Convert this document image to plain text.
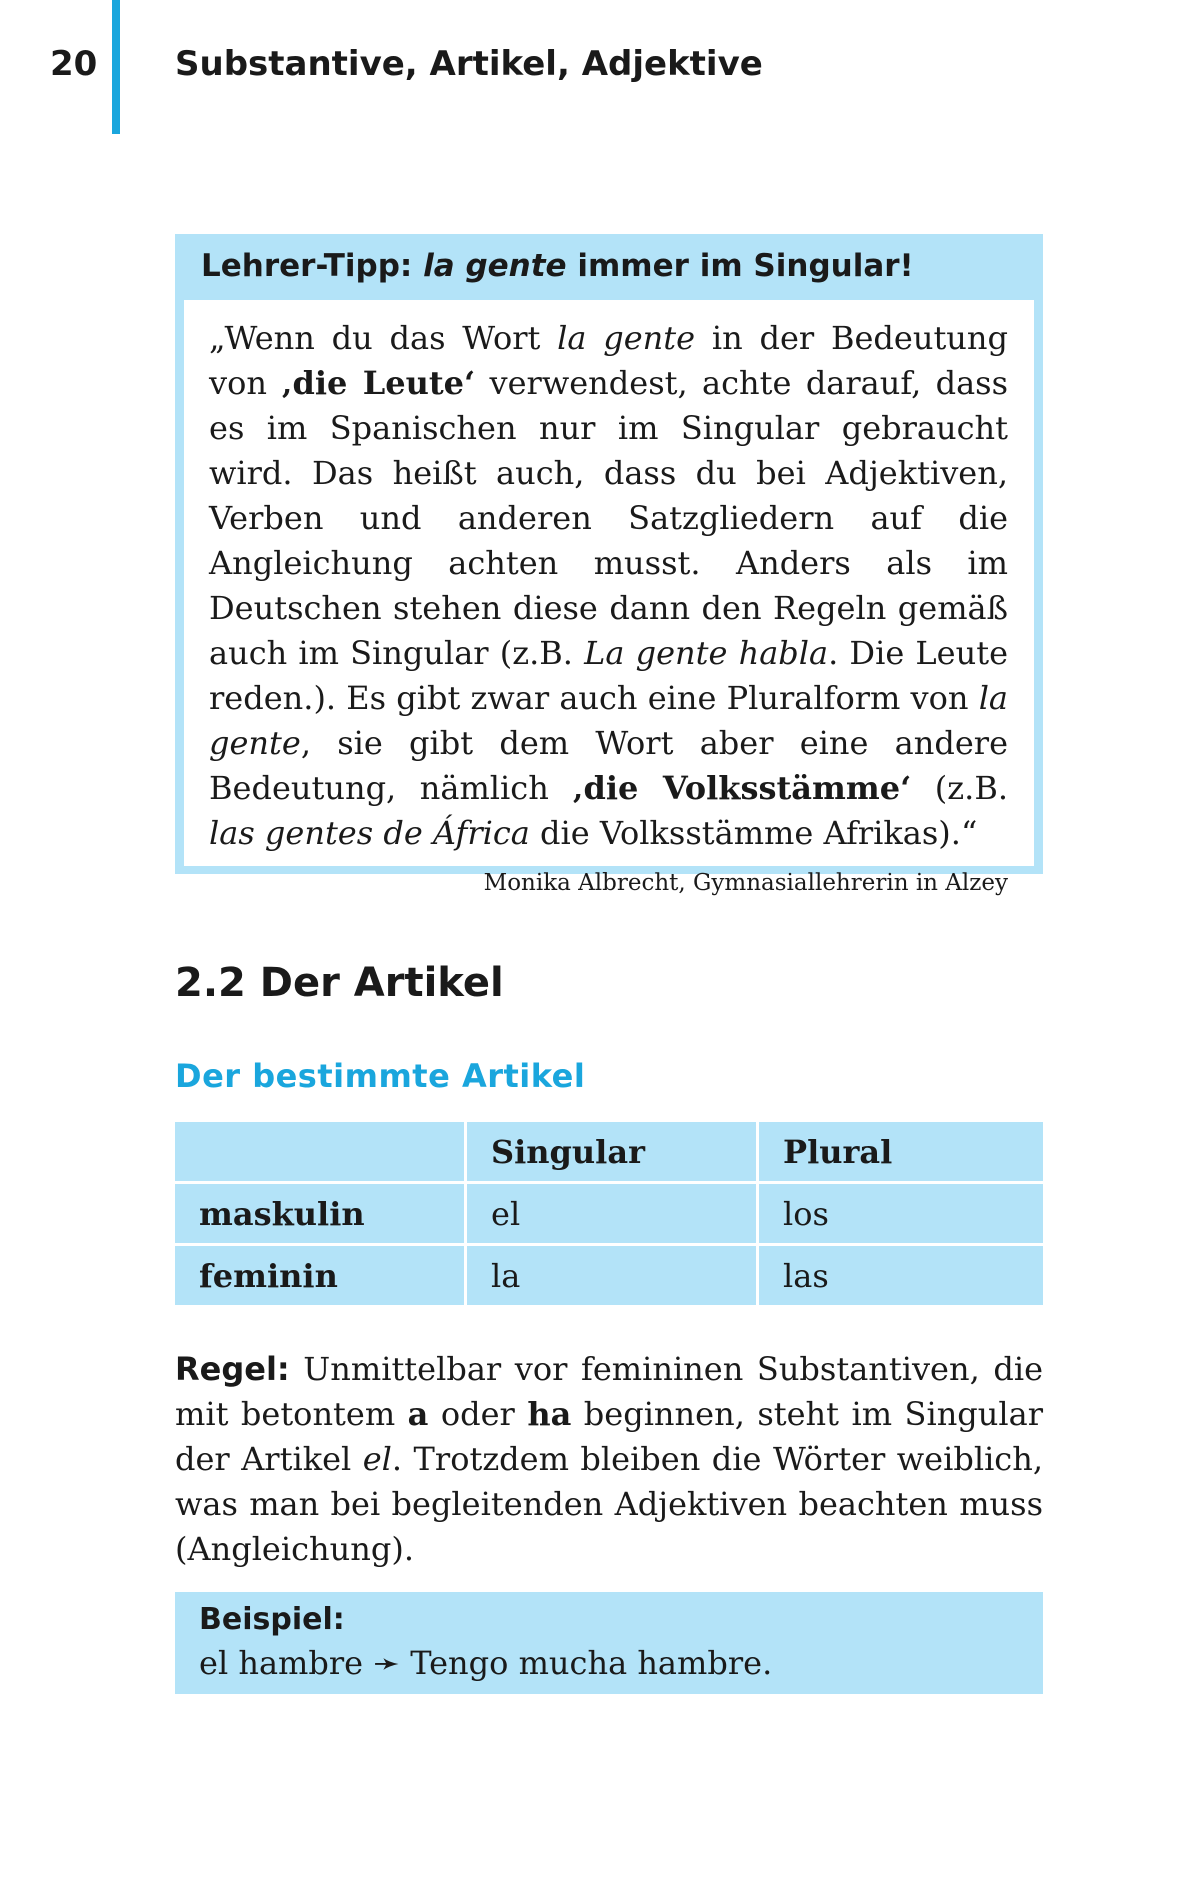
20 Substantive, Artikel, Adjektive
Lehrer-Tipp: la gente immer im Singular!

„Wenn du das Wort la gente in der Bedeutung von ‚die Leute‘ verwendest, achte darauf, dass es im Spanischen nur im Singular gebraucht wird. Das heißt auch, dass du bei Adjektiven, Verben und anderen Satzgliedern auf die Angleichung achten musst. Anders als im Deutschen stehen diese dann den Regeln gemäß auch im Singular (z.B. La gente habla. Die Leute reden.). Es gibt zwar auch eine Pluralform von la gente, sie gibt dem Wort aber eine andere Bedeutung, nämlich ‚die Volksstämme‘ (z.B. las gentes de África die Volksstämme Afrikas).“

Monika Albrecht, Gymnasiallehrerin in Alzey
2.2 Der Artikel
Der bestimmte Artikel
	Singular	Plural
maskulin	el	los
feminin	la	las

Regel: Unmittelbar vor femininen Substantiven, die mit betontem a oder ha beginnen, steht im Singular der Artikel el. Trotzdem bleiben die Wörter weiblich, was man bei begleitenden Adjektiven beachten muss (Angleichung).

Beispiel:
el hambre ➛ Tengo mucha hambre.
